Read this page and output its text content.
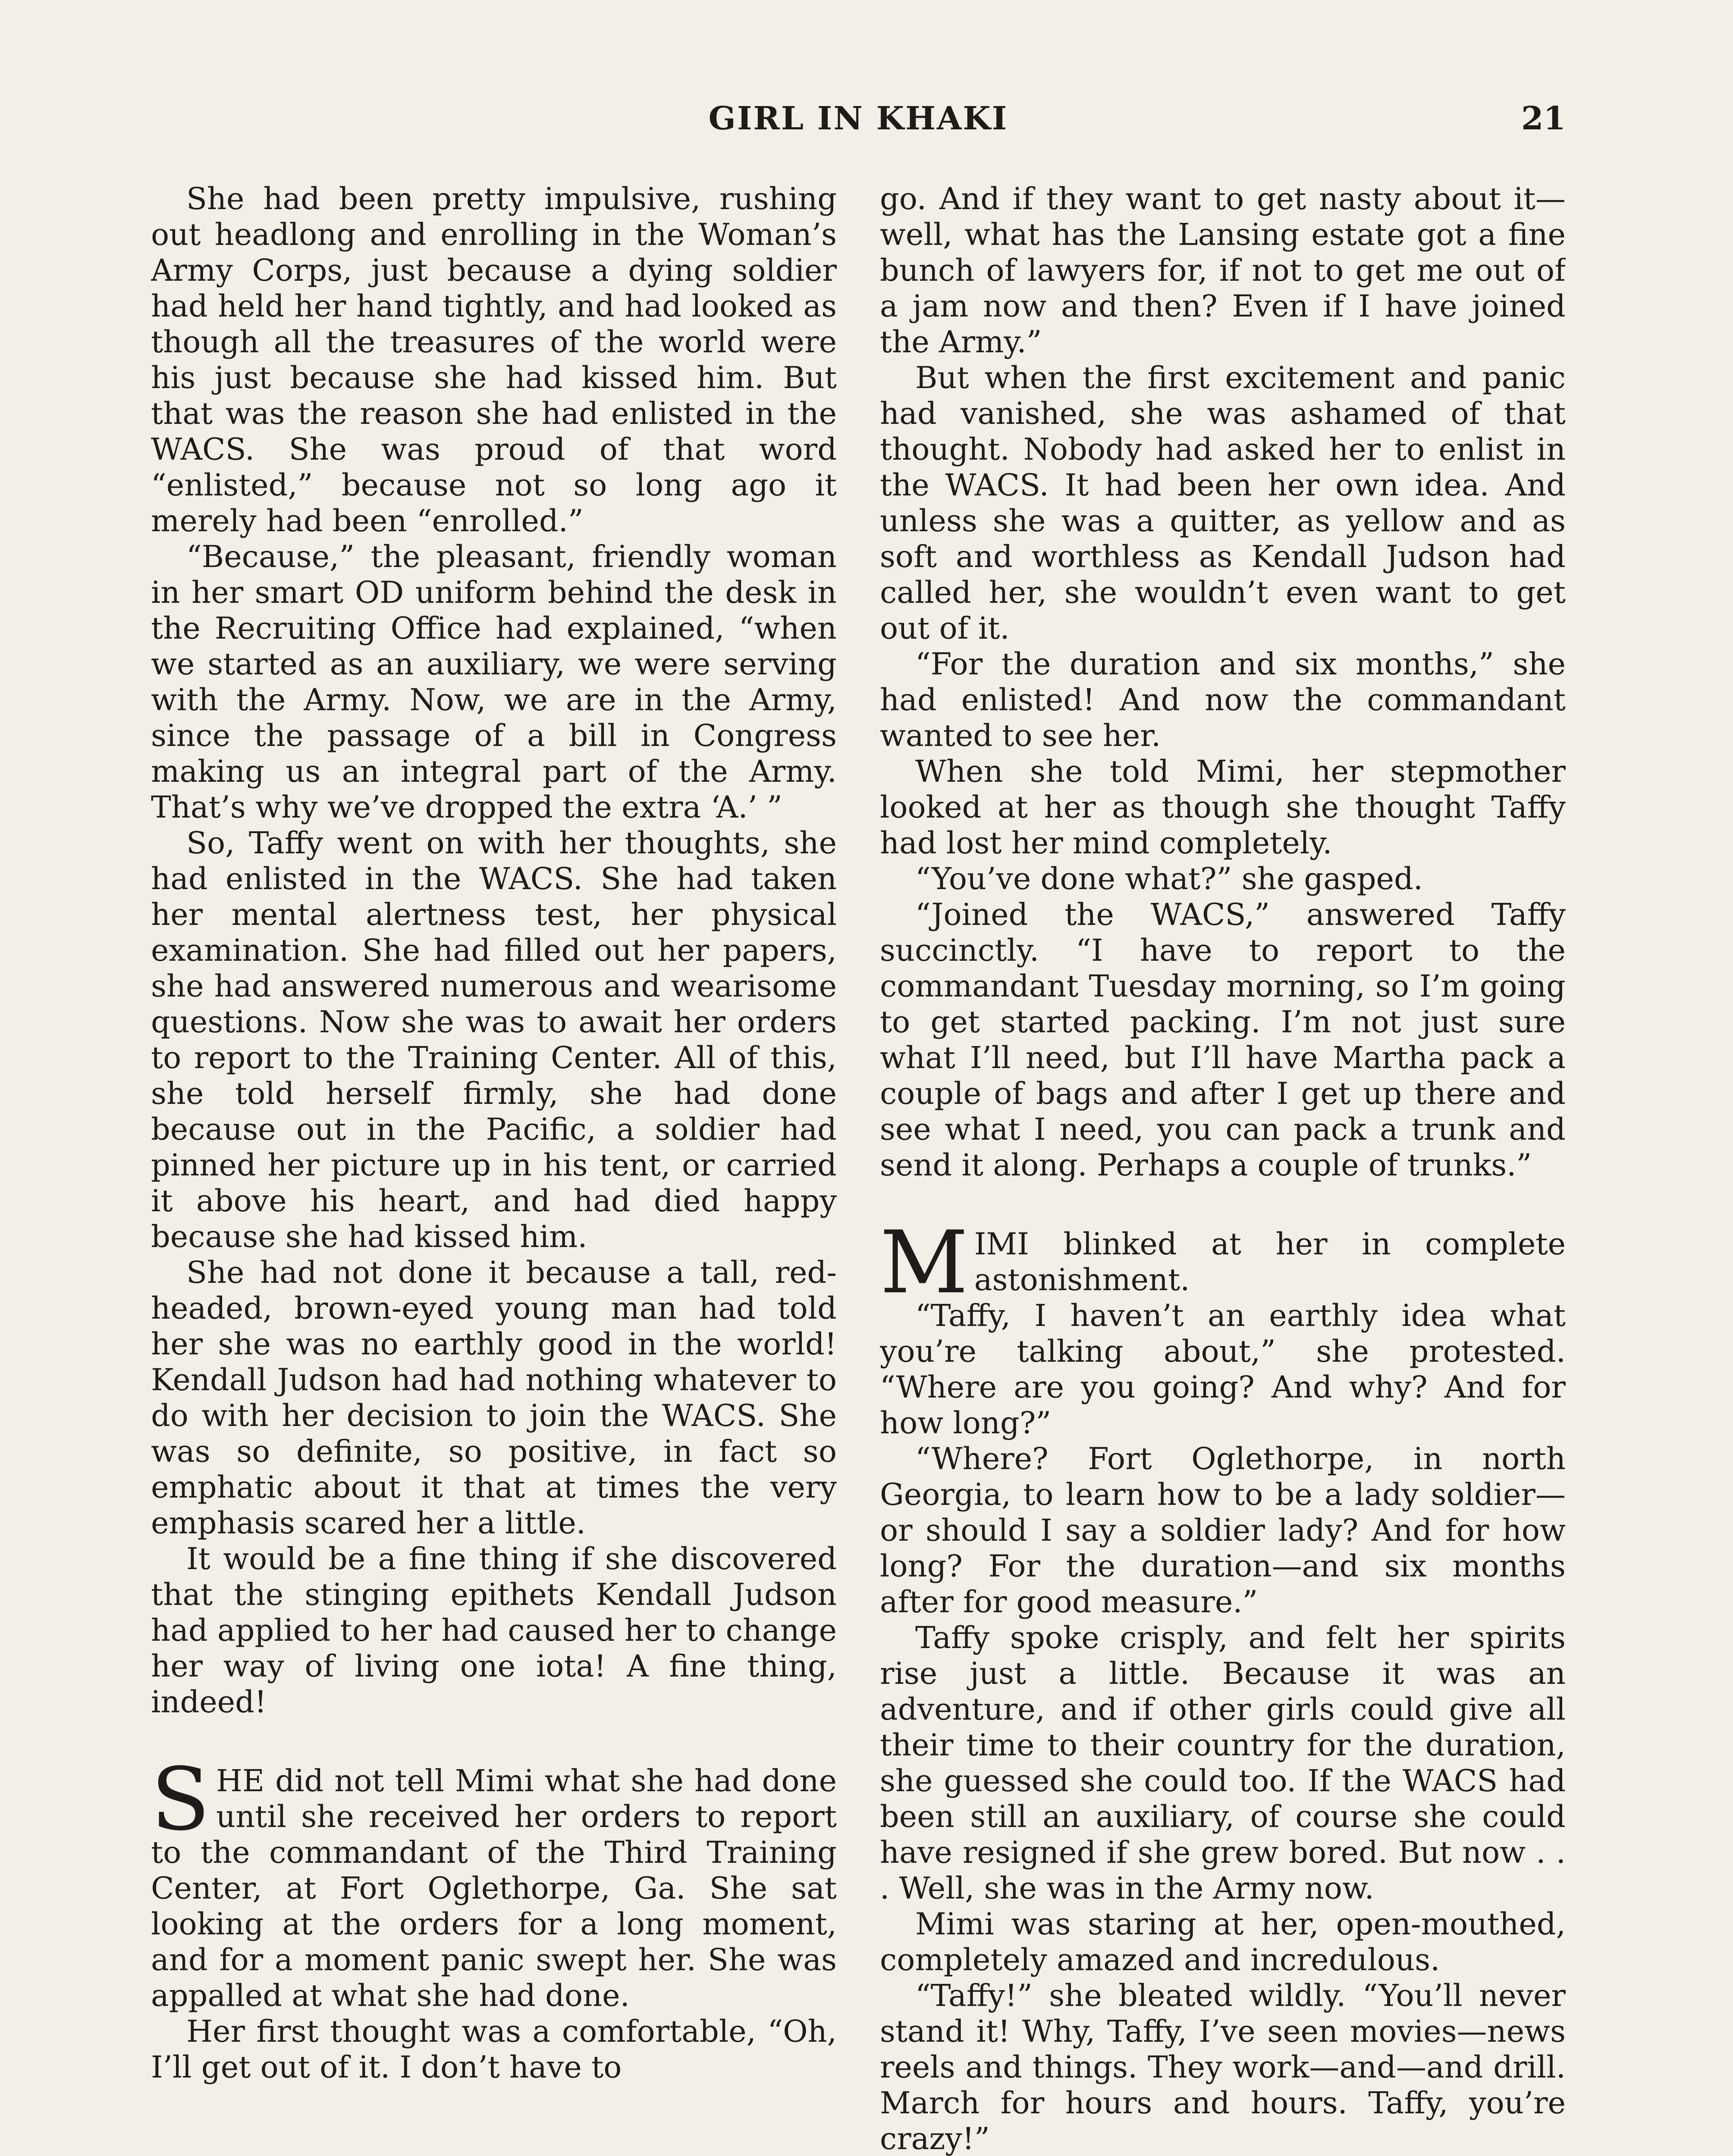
GIRL IN KHAKI	21

She had been pretty impulsive, rushing out headlong and enrolling in the Woman’s Army Corps, just because a dying soldier had held her hand tightly, and had looked as though all the treasures of the world were his just because she had kissed him. But that was the reason she had enlisted in the WACS. She was proud of that word “enlisted,” because not so long ago it merely had been “enrolled.”

“Because,” the pleasant, friendly woman in her smart OD uniform behind the desk in the Recruiting Office had explained, “when we started as an auxiliary, we were serving with the Army. Now, we are in the Army, since the passage of a bill in Congress making us an integral part of the Army. That’s why we’ve dropped the extra ‘A.’ ”

So, Taffy went on with her thoughts, she had enlisted in the WACS. She had taken her mental alertness test, her physical examination. She had filled out her papers, she had answered numerous and wearisome questions. Now she was to await her orders to report to the Training Center. All of this, she told herself firmly, she had done because out in the Pacific, a soldier had pinned her picture up in his tent, or carried it above his heart, and had died happy because she had kissed him.

She had not done it because a tall, red-headed, brown-eyed young man had told her she was no earthly good in the world! Kendall Judson had had nothing whatever to do with her decision to join the WACS. She was so definite, so positive, in fact so emphatic about it that at times the very emphasis scared her a little.

It would be a fine thing if she discovered that the stinging epithets Kendall Judson had applied to her had caused her to change her way of living one iota! A fine thing, indeed!

SHE did not tell Mimi what she had done until she received her orders to report to the commandant of the Third Training Center, at Fort Oglethorpe, Ga. She sat looking at the orders for a long moment, and for a moment panic swept her. She was appalled at what she had done.

Her first thought was a comfortable, “Oh, I’ll get out of it. I don’t have to

go. And if they want to get nasty about it—well, what has the Lansing estate got a fine bunch of lawyers for, if not to get me out of a jam now and then? Even if I have joined the Army.”

But when the first excitement and panic had vanished, she was ashamed of that thought. Nobody had asked her to enlist in the WACS. It had been her own idea. And unless she was a quitter, as yellow and as soft and worthless as Kendall Judson had called her, she wouldn’t even want to get out of it.

“For the duration and six months,” she had enlisted! And now the commandant wanted to see her.

When she told Mimi, her stepmother looked at her as though she thought Taffy had lost her mind completely.

“You’ve done what?” she gasped.

“Joined the WACS,” answered Taffy succinctly. “I have to report to the commandant Tuesday morning, so I’m going to get started packing. I’m not just sure what I’ll need, but I’ll have Martha pack a couple of bags and after I get up there and see what I need, you can pack a trunk and send it along. Perhaps a couple of trunks.”

MIMI blinked at her in complete astonishment.

“Taffy, I haven’t an earthly idea what you’re talking about,” she protested. “Where are you going? And why? And for how long?”

“Where? Fort Oglethorpe, in north Georgia, to learn how to be a lady soldier—or should I say a soldier lady? And for how long? For the duration—and six months after for good measure.”

Taffy spoke crisply, and felt her spirits rise just a little. Because it was an adventure, and if other girls could give all their time to their country for the duration, she guessed she could too. If the WACS had been still an auxiliary, of course she could have resigned if she grew bored. But now . . . Well, she was in the Army now.

Mimi was staring at her, open-mouthed, completely amazed and incredulous.

“Taffy!” she bleated wildly. “You’ll never stand it! Why, Taffy, I’ve seen movies—news reels and things. They work—and—and drill. March for hours and hours. Taffy, you’re crazy!”
